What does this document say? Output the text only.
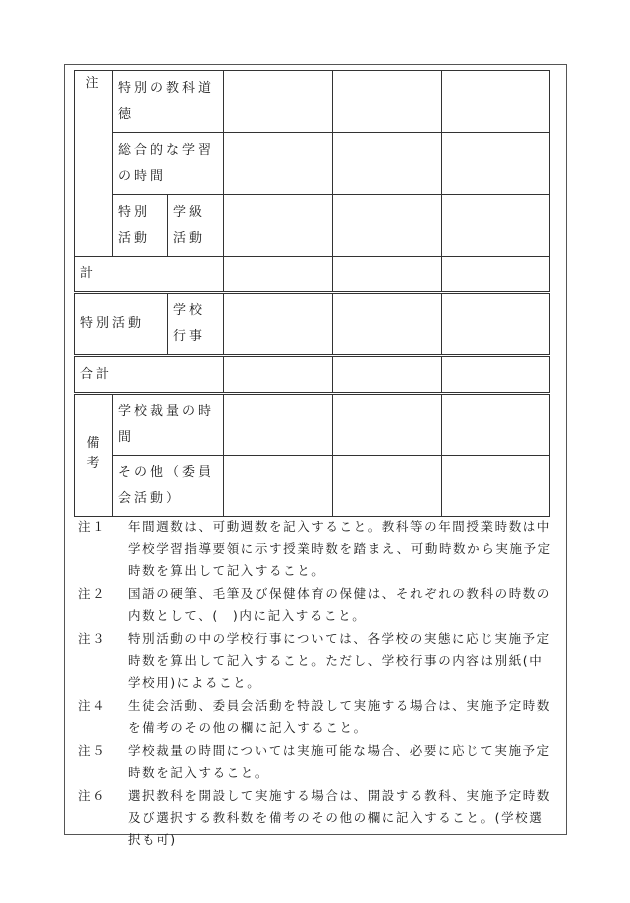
注	特別の教科道徳				
	総合的な学習の時間				
	特別活動	学級活動			
計					
特別活動		学校行事			
合計					
備考	学校裁量の時間				
	その他（委員会活動）				
注１	年間週数は、可動週数を記入すること。教科等の年間授業時数は中学校学習指導要領に示す授業時数を踏まえ、可動時数から実施予定時数を算出して記入すること。
注２	国語の硬筆、毛筆及び保健体育の保健は、それぞれの教科の時数の内数として、(　)内に記入すること。
注３	特別活動の中の学校行事については、各学校の実態に応じ実施予定時数を算出して記入すること。ただし、学校行事の内容は別紙(中学校用)によること。
注４	生徒会活動、委員会活動を特設して実施する場合は、実施予定時数を備考のその他の欄に記入すること。
注５	学校裁量の時間については実施可能な場合、必要に応じて実施予定時数を記入すること。
注６	選択教科を開設して実施する場合は、開設する教科、実施予定時数及び選択する教科数を備考のその他の欄に記入すること。(学校選択も可)
